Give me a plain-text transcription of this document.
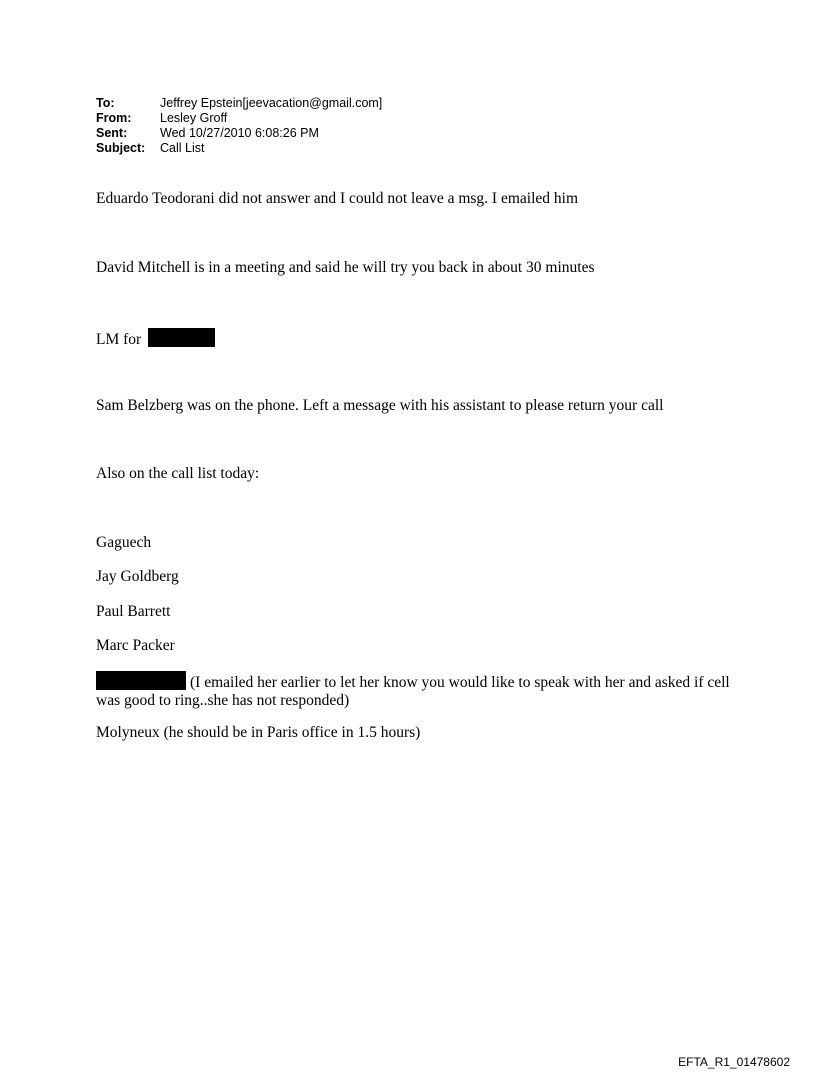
To:	Jeffrey Epstein[jeevacation@gmail.com]
From:	Lesley Groff
Sent:	Wed 10/27/2010 6:08:26 PM
Subject:	Call List
Eduardo Teodorani did not answer and I could not leave a msg. I emailed him
David Mitchell is in a meeting and said he will try you back in about 30 minutes
LM for
Sam Belzberg was on the phone. Left a message with his assistant to please return your call
Also on the call list today:
Gaguech
Jay Goldberg
Paul Barrett
Marc Packer
(I emailed her earlier to let her know you would like to speak with her and asked if cell was good to ring..she has not responded)
Molyneux (he should be in Paris office in 1.5 hours)
EFTA_R1_01478602
